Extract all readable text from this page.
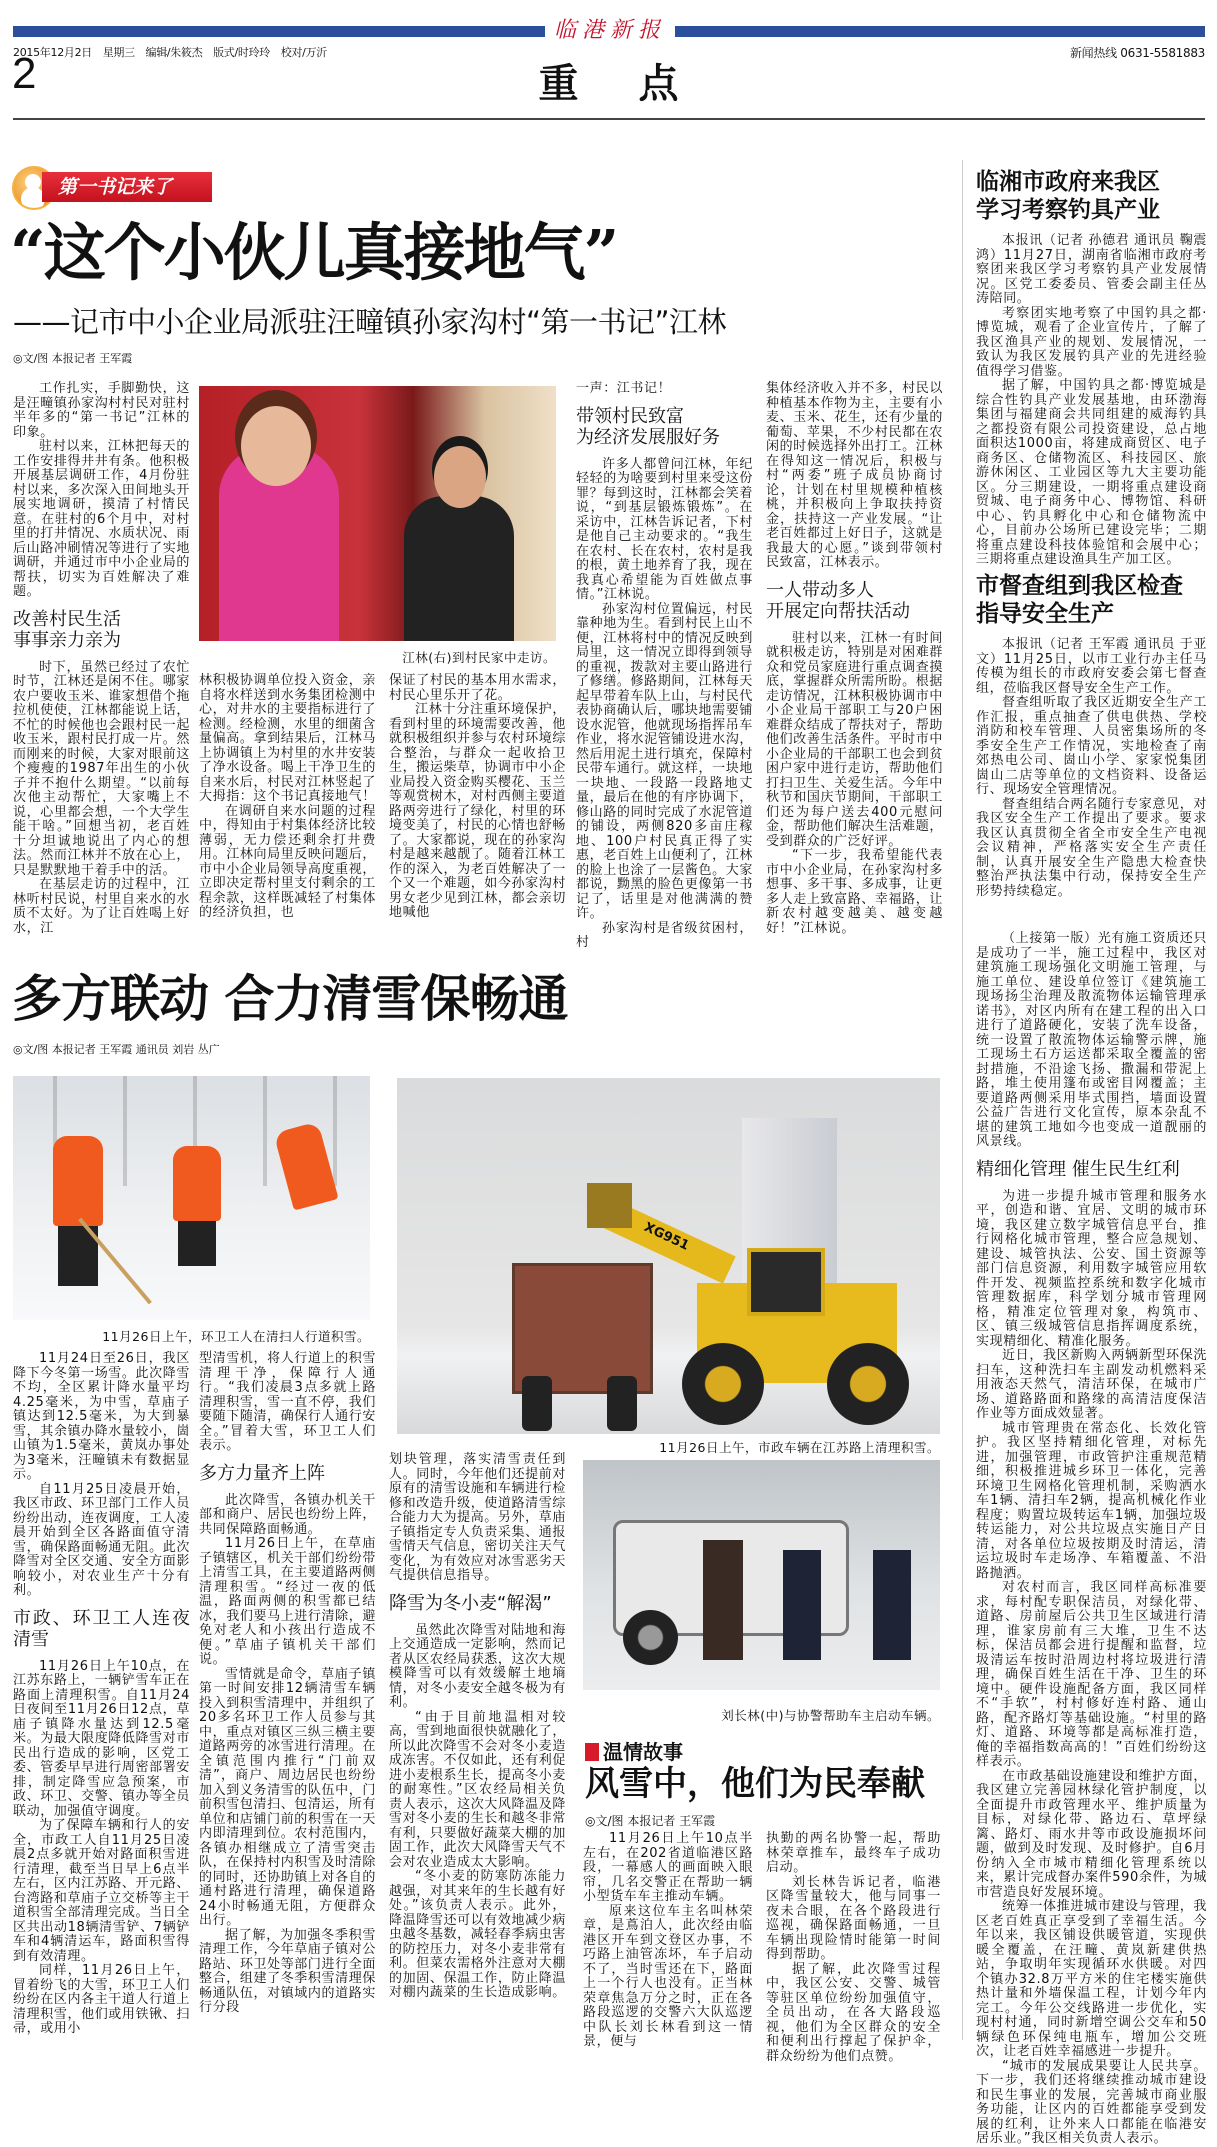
临港新报
2015年12月2日　星期三　编辑/朱筱杰　版式/时玲玲　校对/万沂	新闻热线 0631-5581883
2	重点
第一书记来了
“这个小伙儿真接地气”
——记市中小企业局派驻汪疃镇孙家沟村“第一书记”江林
◎文/图 本报记者 王军霞
江林(右)到村民家中走访。
工作扎实，手脚勤快，这是汪疃镇孙家沟村村民对驻村半年多的“第一书记”江林的印象。
驻村以来，江林把每天的工作安排得井井有条。他积极开展基层调研工作，4月份驻村以来，多次深入田间地头开展实地调研，摸清了村情民意。在驻村的6个月中，对村里的打井情况、水质状况、雨后山路冲刷情况等进行了实地调研，并通过市中小企业局的帮扶，切实为百姓解决了难题。
改善村民生活
事事亲力亲为
时下，虽然已经过了农忙时节，江林还是闲不住。哪家农户要收玉米、谁家想借个拖拉机使使，江林都能说上话，不忙的时候他也会跟村民一起收玉米，跟村民打成一片。然而刚来的时候，大家对眼前这个瘦瘦的1987年出生的小伙子并不抱什么期望。“以前每次他主动帮忙，大家嘴上不说，心里都会想，一个大学生能干啥。”回想当初，老百姓十分坦诚地说出了内心的想法。然而江林并不放在心上，只是默默地干着手中的活。
在基层走访的过程中，江林听村民说，村里自来水的水质不太好。为了让百姓喝上好水，江
林积极协调单位投入资金，亲自将水样送到水务集团检测中心，对井水的主要指标进行了检测。经检测，水里的细菌含量偏高。拿到结果后，江林马上协调镇上为村里的水井安装了净水设备。喝上干净卫生的自来水后，村民对江林竖起了大拇指：这个书记真接地气！
在调研自来水问题的过程中，得知由于村集体经济比较薄弱，无力偿还剩余打井费用。江林向局里反映问题后，市中小企业局领导高度重视，立即决定帮村里支付剩余的工程余款，这样既减轻了村集体的经济负担，也
保证了村民的基本用水需求，村民心里乐开了花。
江林十分注重环境保护，看到村里的环境需要改善，他就积极组织并参与农村环境综合整治，与群众一起收拾卫生，搬运柴草，协调市中小企业局投入资金购买樱花、玉兰等观赏树木，对村西侧主要道路两旁进行了绿化，村里的环境变美了，村民的心情也舒畅了。大家都说，现在的孙家沟村是越来越靓了。随着江林工作的深入，为老百姓解决了一个又一个难题，如今孙家沟村男女老少见到江林，都会亲切地喊他
一声：江书记！
带领村民致富
为经济发展服好务
许多人都曾问江林，年纪轻轻的为啥要到村里来受这份罪？每到这时，江林都会笑着说，“到基层锻炼锻炼”。在采访中，江林告诉记者，下村是他自己主动要求的。“我生在农村、长在农村，农村是我的根，黄土地养育了我，现在我真心希望能为百姓做点事情。”江林说。
孙家沟村位置偏远，村民靠种地为生。看到村民上山不便，江林将村中的情况反映到局里，这一情况立即得到领导的重视，拨款对主要山路进行了修缮。修路期间，江林每天起早带着车队上山，与村民代表协商确认后，哪块地需要铺设水泥管，他就现场指挥吊车作业，将水泥管铺设进水沟，然后用泥土进行填充，保障村民带车通行。就这样，一块地一块地、一段路一段路地丈量，最后在他的有序协调下，修山路的同时完成了水泥管道的铺设，两侧820多亩庄稼地、100户村民真正得了实惠，老百姓上山便利了，江林的脸上也涂了一层酱色。大家都说，黝黑的脸色更像第一书记了，话里是对他满满的赞许。
孙家沟村是省级贫困村，村
集体经济收入并不多，村民以种植基本作物为主，主要有小麦、玉米、花生，还有少量的葡萄、苹果，不少村民都在农闲的时候选择外出打工。江林在得知这一情况后，积极与村“两委”班子成员协商讨论，计划在村里规模种植核桃，并积极向上争取扶持资金，扶持这一产业发展。“让老百姓都过上好日子，这就是我最大的心愿。”谈到带领村民致富，江林表示。
一人带动多人
开展定向帮扶活动
驻村以来，江林一有时间就积极走访，特别是对困难群众和党员家庭进行重点调查摸底，掌握群众所需所盼。根据走访情况，江林积极协调市中小企业局干部职工与20户困难群众结成了帮扶对子，帮助他们改善生活条件。平时市中小企业局的干部职工也会到贫困户家中进行走访，帮助他们打扫卫生、关爱生活。今年中秋节和国庆节期间，干部职工们还为每户送去400元慰问金，帮助他们解决生活难题，受到群众的广泛好评。
“下一步，我希望能代表市中小企业局，在孙家沟村多想事、多干事、多成事，让更多人走上致富路、幸福路，让新农村越变越美、越变越好！”江林说。
临湘市政府来我区
学习考察钓具产业
本报讯（记者 孙德君 通讯员 鞠震鸿）11月27日，湖南省临湘市政府考察团来我区学习考察钓具产业发展情况。区党工委委员、管委会副主任丛涛陪同。
考察团实地考察了中国钓具之都·博览城，观看了企业宣传片，了解了我区渔具产业的规划、发展情况，一致认为我区发展钓具产业的先进经验值得学习借鉴。
据了解，中国钓具之都·博览城是综合性钓具产业发展基地，由环渤海集团与福建商会共同组建的威海钓具之都投资有限公司投资建设，总占地面积达1000亩，将建成商贸区、电子商务区、仓储物流区、科技园区、旅游休闲区、工业园区等九大主要功能区。分三期建设，一期将重点建设商贸城、电子商务中心、博物馆、科研中心、钓具孵化中心和仓储物流中心，目前办公场所已建设完毕；二期将重点建设科技体验馆和会展中心；三期将重点建设渔具生产加工区。
市督查组到我区检查
指导安全生产
本报讯（记者 王军霞 通讯员 于亚文）11月25日，以市工业行办主任马传模为组长的市政府安委会第七督查组，莅临我区督导安全生产工作。
督查组听取了我区近期安全生产工作汇报，重点抽查了供电供热、学校消防和校车管理、人员密集场所的冬季安全生产工作情况，实地检查了南郊热电公司、崮山小学、家家悦集团崮山二店等单位的文档资料、设备运行、现场安全管理情况。
督查组结合两名随行专家意见，对我区安全生产工作提出了要求。要求我区认真贯彻全省全市安全生产电视会议精神，严格落实安全生产责任制，认真开展安全生产隐患大检查快整治严执法集中行动，保持安全生产形势持续稳定。
（上接第一版）光有施工资质还只是成功了一半，施工过程中，我区对建筑施工现场强化文明施工管理，与施工单位、建设单位签订《建筑施工现场扬尘治理及散流物体运输管理承诺书》，对区内所有在建工程的出入口进行了道路硬化，安装了洗车设备，统一设置了散流物体运输警示牌，施工现场土石方运送都采取全覆盖的密封措施，不沿途飞扬、撒漏和带泥上路，堆土使用篷布或密目网覆盖；主要道路两侧采用毕式围挡，墙面设置公益广告进行文化宣传，原本杂乱不堪的建筑工地如今也变成一道靓丽的风景线。
精细化管理 催生民生红利
为进一步提升城市管理和服务水平，创造和谐、宜居、文明的城市环境，我区建立数字城管信息平台，推行网格化城市管理，整合应急规划、建设、城管执法、公安、国土资源等部门信息资源，利用数字城管应用软件开发、视频监控系统和数字化城市管理数据库，科学划分城市管理网格，精准定位管理对象，构筑市、区、镇三级城管信息指挥调度系统，实现精细化、精准化服务。
近日，我区新购入两辆新型环保洗扫车，这种洗扫车主副发动机燃料采用液态天然气，清洁环保，在城市广场、道路路面和路缘的高清洁度保洁作业等方面成效显著。
城市管理贵在常态化、长效化管护。我区坚持精细化管理，对标先进，加强管理，市政管护注重规范精细，积极推进城乡环卫一体化，完善环境卫生网格化管理机制，采购洒水车1辆、清扫车2辆，提高机械化作业程度；购置垃圾转运车1辆，加强垃圾转运能力，对公共垃圾点实施日产日清，对各单位垃圾按期及时清运，清运垃圾时车走场净、车箱覆盖、不沿路抛洒。
对农村而言，我区同样高标准要求，每村配专职保洁员，对绿化带、道路、房前屋后公共卫生区域进行清理，谁家房前有三大堆，卫生不达标，保洁员都会进行提醒和监督，垃圾清运车按时沿周边村将垃圾进行清理，确保百姓生活在干净、卫生的环境中。硬件设施配备方面，我区同样不“手软”，村村修好连村路、通山路，配齐路灯等基础设施。“村里的路灯、道路、环境等都是高标准打造，俺的幸福指数高高的！”百姓们纷纷这样表示。
在市政基础设施建设和维护方面，我区建立完善园林绿化管护制度，以全面提升市政管理水平、维护质量为目标，对绿化带、路边石、草坪绿篱、路灯、雨水井等市政设施损坏问题，做到及时发现、及时修护。自6月份纳入全市城市精细化管理系统以来，累计完成督办案件590余件，为城市营造良好发展环境。
统筹一体推进城市建设与管理，我区老百姓真正享受到了幸福生活。今年以来，我区铺设供暖管道，实现供暖全覆盖，在汪疃、黄岚新建供热站，争取明年实现循环水供暖。对四个镇办32.8万平方米的住宅楼实施供热计量和外墙保温工程，计划今年内完工。今年公交线路进一步优化，实现村村通，同时新增空调公交车和50辆绿色环保纯电瓶车，增加公交班次，让老百姓幸福感进一步提升。
“城市的发展成果要让人民共享。下一步，我们还将继续推动城市建设和民生事业的发展，完善城市商业服务功能，让区内的百姓都能享受到发展的红利，让外来人口都能在临港安居乐业。”我区相关负责人表示。
多方联动 合力清雪保畅通
◎文/图 本报记者 王军霞 通讯员 刘岩 丛广
11月26日上午，环卫工人在清扫人行道积雪。
XG951
11月26日上午，市政车辆在江苏路上清理积雪。
11月24日至26日，我区降下今冬第一场雪。此次降雪不均，全区累计降水量平均4.25毫米，为中雪，草庙子镇达到12.5毫米，为大到暴雪，其余镇办降水量较小，崮山镇为1.5毫米，黄岚办事处为3毫米，汪疃镇未有数据显示。
自11月25日凌晨开始，我区市政、环卫部门工作人员纷纷出动，连夜调度，工人凌晨开始到全区各路面值守清雪，确保路面畅通无阻。此次降雪对全区交通、安全方面影响较小，对农业生产十分有利。
市政、环卫工人连夜清雪
11月26日上午10点，在江苏东路上，一辆铲雪车正在路面上清理积雪。自11月24日夜间至11月26日12点，草庙子镇降水量达到12.5毫米。为最大限度降低降雪对市民出行造成的影响，区党工委、管委早早进行周密部署安排，制定降雪应急预案，市政、环卫、交警、镇办等全员联动，加强值守调度。
为了保障车辆和行人的安全，市政工人自11月25日凌晨2点多就开始对路面积雪进行清理，截至当日早上6点半左右，区内江苏路、开元路、台湾路和草庙子立交桥等主干道积雪全部清理完成。当日全区共出动18辆清雪铲、7辆铲车和4辆清运车，路面积雪得到有效清理。
同样，11月26日上午，冒着纷飞的大雪，环卫工人们纷纷在区内各主干道人行道上清理积雪，他们或用铁锹、扫帚，或用小
型清雪机，将人行道上的积雪清理干净，保障行人通行。“我们凌晨3点多就上路清理积雪，雪一直不停，我们要随下随清，确保行人通行安全。”冒着大雪，环卫工人们表示。
多方力量齐上阵
此次降雪，各镇办机关干部和商户、居民也纷纷上阵，共同保障路面畅通。
11月26日上午，在草庙子镇辖区，机关干部们纷纷带上清雪工具，在主要道路两侧清理积雪。“经过一夜的低温，路面两侧的积雪都已结冰，我们要马上进行清除，避免对老人和小孩出行造成不便。”草庙子镇机关干部们说。
雪情就是命令，草庙子镇第一时间安排12辆清雪车辆投入到积雪清理中，并组织了20多名环卫工作人员参与其中，重点对镇区三纵三横主要道路两旁的冰雪进行清理。在全镇范围内推行“门前双清”，商户、周边居民也纷纷加入到义务清雪的队伍中，门前积雪包清扫、包清运，所有单位和店铺门前的积雪在一天内即清理到位。农村范围内，各镇办相继成立了清雪突击队，在保持村内积雪及时清除的同时，还协助镇上对各自的通村路进行清理，确保道路24小时畅通无阻，方便群众出行。
据了解，为加强冬季积雪清理工作，今年草庙子镇对公路站、环卫处等部门进行全面整合，组建了冬季积雪清理保畅通队伍，对镇域内的道路实行分段
划块管理，落实清雪责任到人。同时，今年他们还提前对原有的清雪设施和车辆进行检修和改造升级，使道路清雪综合能力大为提高。另外，草庙子镇指定专人负责采集、通报雪情天气信息，密切关注天气变化，为有效应对冰雪恶劣天气提供信息指导。
降雪为冬小麦“解渴”
虽然此次降雪对陆地和海上交通造成一定影响，然而记者从区农经局获悉，这次大规模降雪可以有效缓解土地墒情，对冬小麦安全越冬极为有利。
“由于目前地温相对较高，雪到地面很快就融化了，所以此次降雪不会对冬小麦造成冻害。不仅如此，还有利促进小麦根系生长，提高冬小麦的耐寒性。”区农经局相关负责人表示，这次大风降温及降雪对冬小麦的生长和越冬非常有利，只要做好蔬菜大棚的加固工作，此次大风降雪天气不会对农业造成太大影响。
“冬小麦的防寒防冻能力越强，对其来年的生长越有好处。”该负责人表示。此外，降温降雪还可以有效地减少病虫越冬基数，减轻春季病虫害的防控压力，对冬小麦非常有利。但菜农需格外注意对大棚的加固、保温工作，防止降温对棚内蔬菜的生长造成影响。
刘长林(中)与协警帮助车主启动车辆。
温情故事
风雪中，他们为民奉献
◎文/图 本报记者 王军霞
11月26日上午10点半左右，在202省道临港区路段，一幕感人的画面映入眼帘，几名交警正在帮助一辆小型货车车主推动车辆。
原来这位车主名叫林荣章，是蔦泊人，此次经由临港区开车到文登区办事，不巧路上油管冻坏，车子启动不了，当时雪还在下，路面上一个行人也没有。正当林荣章焦急万分之时，正在各路段巡逻的交警六大队巡逻中队长刘长林看到这一情景，便与
执勤的两名协警一起，帮助林荣章推车，最终车子成功启动。
刘长林告诉记者，临港区降雪量较大，他与同事一夜未合眼，在各个路段进行巡视，确保路面畅通，一旦车辆出现险情时能第一时间得到帮助。
据了解，此次降雪过程中，我区公安、交警、城管等驻区单位纷纷加强值守，全员出动，在各大路段巡视，他们为全区群众的安全和便利出行撑起了保护伞，群众纷纷为他们点赞。
